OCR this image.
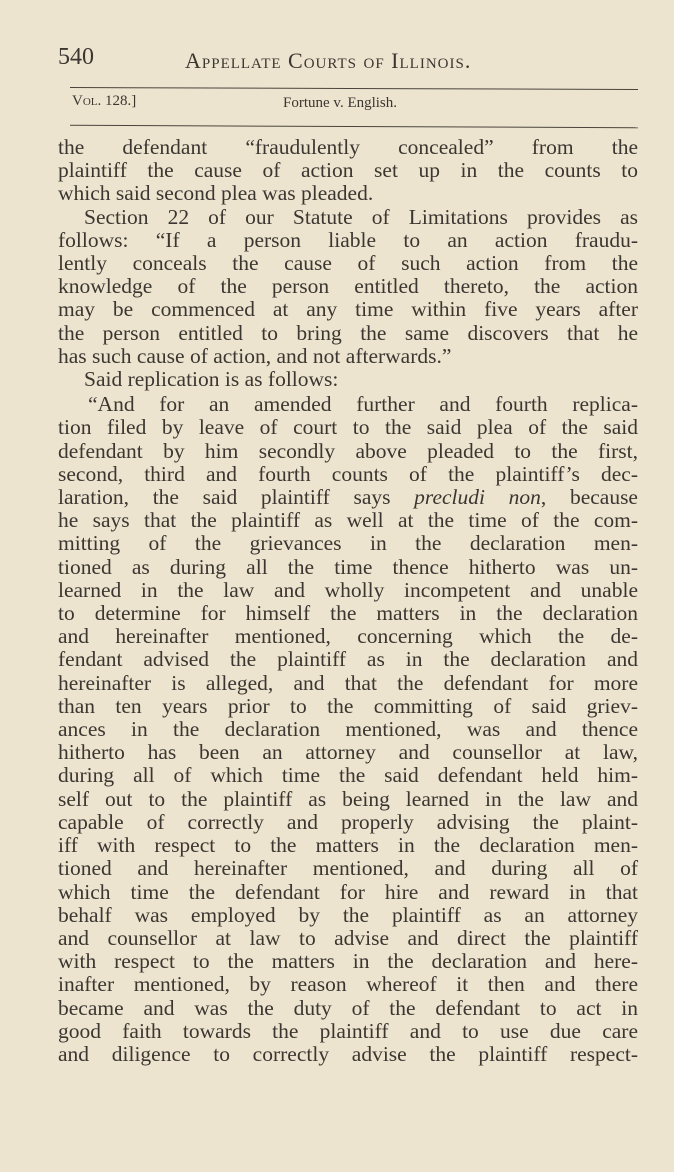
540	Appellate Courts of Illinois.
Vol. 128.]	Fortune v. English.
the defendant “fraudulently concealed” from the
plaintiff the cause of action set up in the counts to
which said second plea was pleaded.
Section 22 of our Statute of Limitations provides as
follows: “If a person liable to an action fraudu-
lently conceals the cause of such action from the
knowledge of the person entitled thereto, the action
may be commenced at any time within five years after
the person entitled to bring the same discovers that he
has such cause of action, and not afterwards.”
Said replication is as follows:
“And for an amended further and fourth replica-
tion filed by leave of court to the said plea of the said
defendant by him secondly above pleaded to the first,
second, third and fourth counts of the plaintiff’s dec-
laration, the said plaintiff says precludi non, because
he says that the plaintiff as well at the time of the com-
mitting of the grievances in the declaration men-
tioned as during all the time thence hitherto was un-
learned in the law and wholly incompetent and unable
to determine for himself the matters in the declaration
and hereinafter mentioned, concerning which the de-
fendant advised the plaintiff as in the declaration and
hereinafter is alleged, and that the defendant for more
than ten years prior to the committing of said griev-
ances in the declaration mentioned, was and thence
hitherto has been an attorney and counsellor at law,
during all of which time the said defendant held him-
self out to the plaintiff as being learned in the law and
capable of correctly and properly advising the plaint-
iff with respect to the matters in the declaration men-
tioned and hereinafter mentioned, and during all of
which time the defendant for hire and reward in that
behalf was employed by the plaintiff as an attorney
and counsellor at law to advise and direct the plaintiff
with respect to the matters in the declaration and here-
inafter mentioned, by reason whereof it then and there
became and was the duty of the defendant to act in
good faith towards the plaintiff and to use due care
and diligence to correctly advise the plaintiff respect-
